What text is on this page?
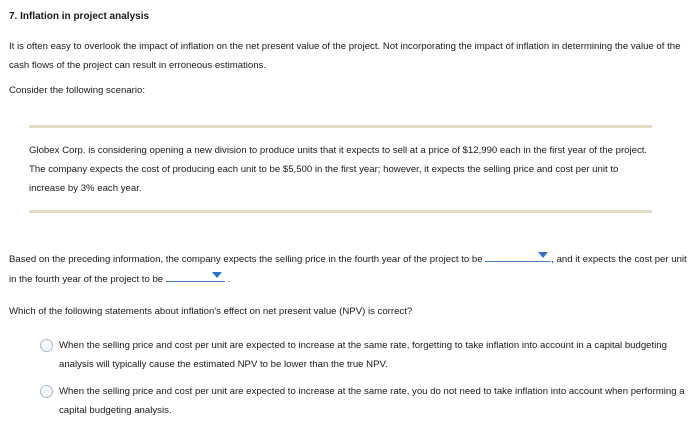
7. Inflation in project analysis
It is often easy to overlook the impact of inflation on the net present value of the project. Not incorporating the impact of inflation in determining the value of the cash flows of the project can result in erroneous estimations.
Consider the following scenario:
Globex Corp. is considering opening a new division to produce units that it expects to sell at a price of $12,990 each in the first year of the project. The company expects the cost of producing each unit to be $5,500 in the first year; however, it expects the selling price and cost per unit to increase by 3% each year.
Based on the preceding information, the company expects the selling price in the fourth year of the project to be	, and it expects the cost per unit in the fourth year of the project to be	.
Which of the following statements about inflation's effect on net present value (NPV) is correct?
When the selling price and cost per unit are expected to increase at the same rate, forgetting to take inflation into account in a capital budgeting analysis will typically cause the estimated NPV to be lower than the true NPV.
When the selling price and cost per unit are expected to increase at the same rate, you do not need to take inflation into account when performing a capital budgeting analysis.
